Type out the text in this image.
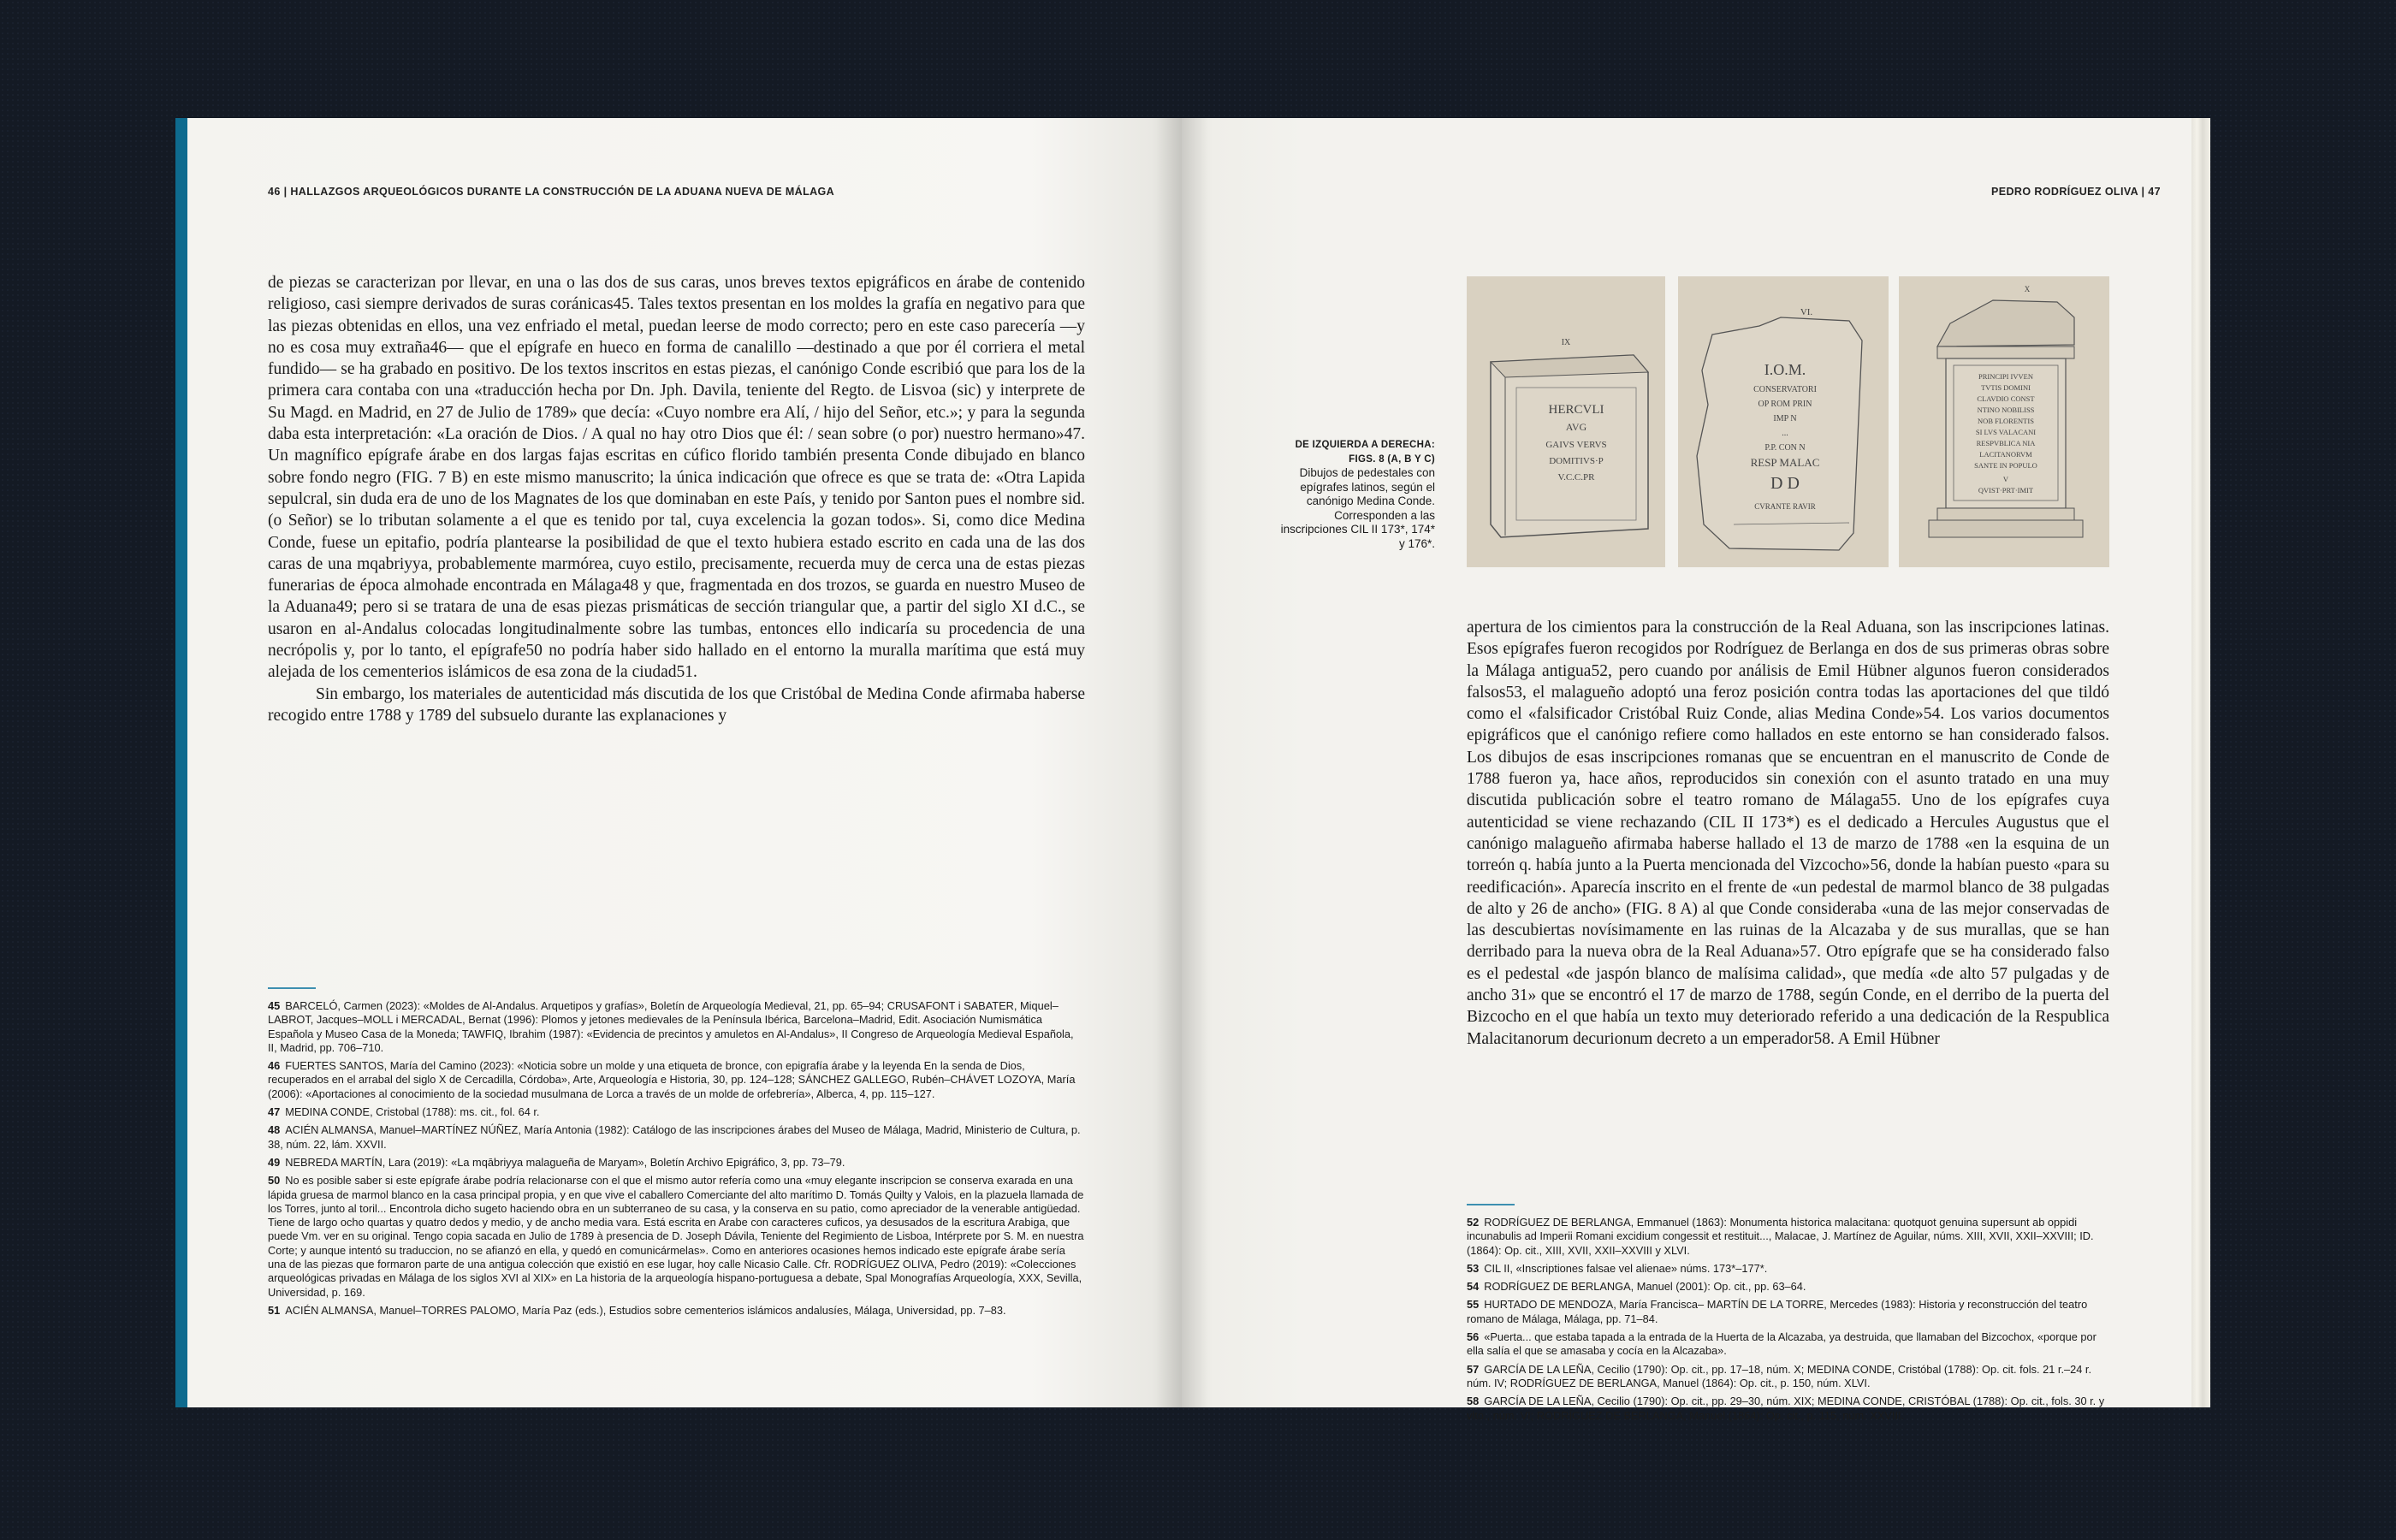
46 | HALLAZGOS ARQUEOLÓGICOS DURANTE LA CONSTRUCCIÓN DE LA ADUANA NUEVA DE MÁLAGA

de piezas se caracterizan por llevar, en una o las dos de sus caras, unos breves textos epigráficos en árabe de contenido religioso, casi siempre derivados de suras coránicas45. Tales textos presentan en los moldes la grafía en negativo para que las piezas obtenidas en ellos, una vez enfriado el metal, puedan leerse de modo correcto; pero en este caso parecería —y no es cosa muy extraña46— que el epígrafe en hueco en forma de canalillo —destinado a que por él corriera el metal fundido— se ha grabado en positivo. De los textos inscritos en estas piezas, el canónigo Conde escribió que para los de la primera cara contaba con una «traducción hecha por Dn. Jph. Davila, teniente del Regto. de Lisvoa (sic) y interprete de Su Magd. en Madrid, en 27 de Julio de 1789» que decía: «Cuyo nombre era Alí, / hijo del Señor, etc.»; y para la segunda daba esta interpretación: «La oración de Dios. / A qual no hay otro Dios que él: / sean sobre (o por) nuestro hermano»47. Un magnífico epígrafe árabe en dos largas fajas escritas en cúfico florido también presenta Conde dibujado en blanco sobre fondo negro (FIG. 7 B) en este mismo manuscrito; la única indicación que ofrece es que se trata de: «Otra Lapida sepulcral, sin duda era de uno de los Magnates de los que dominaban en este País, y tenido por Santon pues el nombre sid. (o Señor) se lo tributan solamente a el que es tenido por tal, cuya excelencia la gozan todos». Si, como dice Medina Conde, fuese un epitafio, podría plantearse la posibilidad de que el texto hubiera estado escrito en cada una de las dos caras de una mqabriyya, probablemente marmórea, cuyo estilo, precisamente, recuerda muy de cerca una de estas piezas funerarias de época almohade encontrada en Málaga48 y que, fragmentada en dos trozos, se guarda en nuestro Museo de la Aduana49; pero si se tratara de una de esas piezas prismáticas de sección triangular que, a partir del siglo XI d.C., se usaron en al-Andalus colocadas longitudinalmente sobre las tumbas, entonces ello indicaría su procedencia de una necrópolis y, por lo tanto, el epígrafe50 no podría haber sido hallado en el entorno la muralla marítima que está muy alejada de los cementerios islámicos de esa zona de la ciudad51.

Sin embargo, los materiales de autenticidad más discutida de los que Cristóbal de Medina Conde afirmaba haberse recogido entre 1788 y 1789 del subsuelo durante las explanaciones y

45 BARCELÓ, Carmen (2023): «Moldes de Al-Andalus. Arquetipos y grafías», Boletín de Arqueología Medieval, 21, pp. 65–94; CRUSAFONT i SABATER, Miquel–LABROT, Jacques–MOLL i MERCADAL, Bernat (1996): Plomos y jetones medievales de la Península Ibérica, Barcelona–Madrid, Edit. Asociación Numismática Española y Museo Casa de la Moneda; TAWFIQ, Ibrahim (1987): «Evidencia de precintos y amuletos en Al-Andalus», II Congreso de Arqueología Medieval Española, II, Madrid, pp. 706–710.

46 FUERTES SANTOS, María del Camino (2023): «Noticia sobre un molde y una etiqueta de bronce, con epigrafía árabe y la leyenda En la senda de Dios, recuperados en el arrabal del siglo X de Cercadilla, Córdoba», Arte, Arqueología e Historia, 30, pp. 124–128; SÁNCHEZ GALLEGO, Rubén–CHÁVET LOZOYA, María (2006): «Aportaciones al conocimiento de la sociedad musulmana de Lorca a través de un molde de orfebrería», Alberca, 4, pp. 115–127.

47 MEDINA CONDE, Cristobal (1788): ms. cit., fol. 64 r.

48 ACIÉN ALMANSA, Manuel–MARTÍNEZ NÚÑEZ, María Antonia (1982): Catálogo de las inscripciones árabes del Museo de Málaga, Madrid, Ministerio de Cultura, p. 38, núm. 22, lám. XXVII.

49 NEBREDA MARTÍN, Lara (2019): «La mqābriyya malagueña de Maryam», Boletín Archivo Epigráfico, 3, pp. 73–79.

50 No es posible saber si este epígrafe árabe podría relacionarse con el que el mismo autor refería como una «muy elegante inscripcion se conserva exarada en una lápida gruesa de marmol blanco en la casa principal propia, y en que vive el caballero Comerciante del alto marítimo D. Tomás Quilty y Valois, en la plazuela llamada de los Torres, junto al toril... Encontrola dicho sugeto haciendo obra en un subterraneo de su casa, y la conserva en su patio, como apreciador de la venerable antigüedad. Tiene de largo ocho quartas y quatro dedos y medio, y de ancho media vara. Está escrita en Arabe con caracteres cuficos, ya desusados de la escritura Arabiga, que puede Vm. ver en su original. Tengo copia sacada en Julio de 1789 à presencia de D. Joseph Dávila, Teniente del Regimiento de Lisboa, Intérprete por S. M. en nuestra Corte; y aunque intentó su traduccion, no se afianzó en ella, y quedó en comunicármelas». Como en anteriores ocasiones hemos indicado este epígrafe árabe sería una de las piezas que formaron parte de una antigua colección que existió en ese lugar, hoy calle Nicasio Calle. Cfr. RODRÍGUEZ OLIVA, Pedro (2019): «Colecciones arqueológicas privadas en Málaga de los siglos XVI al XIX» en La historia de la arqueología hispano-portuguesa a debate, Spal Monografías Arqueología, XXX, Sevilla, Universidad, p. 169.

51 ACIÉN ALMANSA, Manuel–TORRES PALOMO, María Paz (eds.), Estudios sobre cementerios islámicos andalusíes, Málaga, Universidad, pp. 7–83.

PEDRO RODRÍGUEZ OLIVA | 47
DE IZQUIERDA A DERECHA: FIGS. 8 (A, B Y C)
Dibujos de pedestales con epígrafes latinos, según el canónigo Medina Conde. Corresponden a las inscripciones CIL II 173*, 174* y 176*.
IX
HERCVLI
AVG
GAIVS VERVS
DOMITIVS·P
V.C.C.PR
VI.
I.O.M.
CONSERVATORI
OP ROM PRIN
IMP N
...
P.P. CON N
RESP MALAC
D D
CVRANTE RAVIR
X
PRINCIPI IVVEN
TVTIS DOMINI
CLAVDIO CONST
NTINO NOBILISS
NOB FLORENTIS
SI LVS VALACANI
RESPVBLICA NIA
LACITANORVM
SANTE IN POPULO
V
QVIST·PRT·IMIT

apertura de los cimientos para la construcción de la Real Aduana, son las inscripciones latinas. Esos epígrafes fueron recogidos por Rodríguez de Berlanga en dos de sus primeras obras sobre la Málaga antigua52, pero cuando por análisis de Emil Hübner algunos fueron considerados falsos53, el malagueño adoptó una feroz posición contra todas las aportaciones del que tildó como el «falsificador Cristóbal Ruiz Conde, alias Medina Conde»54. Los varios documentos epigráficos que el canónigo refiere como hallados en este entorno se han considerado falsos. Los dibujos de esas inscripciones romanas que se encuentran en el manuscrito de Conde de 1788 fueron ya, hace años, reproducidos sin conexión con el asunto tratado en una muy discutida publicación sobre el teatro romano de Málaga55. Uno de los epígrafes cuya autenticidad se viene rechazando (CIL II 173*) es el dedicado a Hercules Augustus que el canónigo malagueño afirmaba haberse hallado el 13 de marzo de 1788 «en la esquina de un torreón q. había junto a la Puerta mencionada del Vizcocho»56, donde la habían puesto «para su reedificación». Aparecía inscrito en el frente de «un pedestal de marmol blanco de 38 pulgadas de alto y 26 de ancho» (FIG. 8 A) al que Conde consideraba «una de las mejor conservadas de las descubiertas novísimamente en las ruinas de la Alcazaba y de sus murallas, que se han derribado para la nueva obra de la Real Aduana»57. Otro epígrafe que se ha considerado falso es el pedestal «de jaspón blanco de malísima calidad», que medía «de alto 57 pulgadas y de ancho 31» que se encontró el 17 de marzo de 1788, según Conde, en el derribo de la puerta del Bizcocho en el que había un texto muy deteriorado referido a una dedicación de la Respublica Malacitanorum decurionum decreto a un emperador58. A Emil Hübner

52 RODRÍGUEZ DE BERLANGA, Emmanuel (1863): Monumenta historica malacitana: quotquot genuina supersunt ab oppidi incunabulis ad Imperii Romani excidium congessit et restituit..., Malacae, J. Martínez de Aguilar, núms. XIII, XVII, XXII–XXVIII; ID. (1864): Op. cit., XIII, XVII, XXII–XXVIII y XLVI.

53 CIL II, «Inscriptiones falsae vel alienae» núms. 173*–177*.

54 RODRÍGUEZ DE BERLANGA, Manuel (2001): Op. cit., pp. 63–64.

55 HURTADO DE MENDOZA, María Francisca– MARTÍN DE LA TORRE, Mercedes (1983): Historia y reconstrucción del teatro romano de Málaga, Málaga, pp. 71–84.

56 «Puerta... que estaba tapada a la entrada de la Huerta de la Alcazaba, ya destruida, que llamaban del Bizcochox, «porque por ella salía el que se amasaba y cocía en la Alcazaba».

57 GARCÍA DE LA LEÑA, Cecilio (1790): Op. cit., pp. 17–18, núm. X; MEDINA CONDE, Cristóbal (1788): Op. cit. fols. 21 r.–24 r. núm. IV; RODRÍGUEZ DE BERLANGA, Manuel (1864): Op. cit., p. 150, núm. XLVI.

58 GARCÍA DE LA LEÑA, Cecilio (1790): Op. cit., pp. 29–30, núm. XIX; MEDINA CONDE, CRISTÓBAL (1788): Op. cit., fols. 30 r. y vlto., núm. VI; RODRÍGUEZ DE BERLANGA, Manuel (1864): Op. cit., p. 115, núm. XXVIII.
